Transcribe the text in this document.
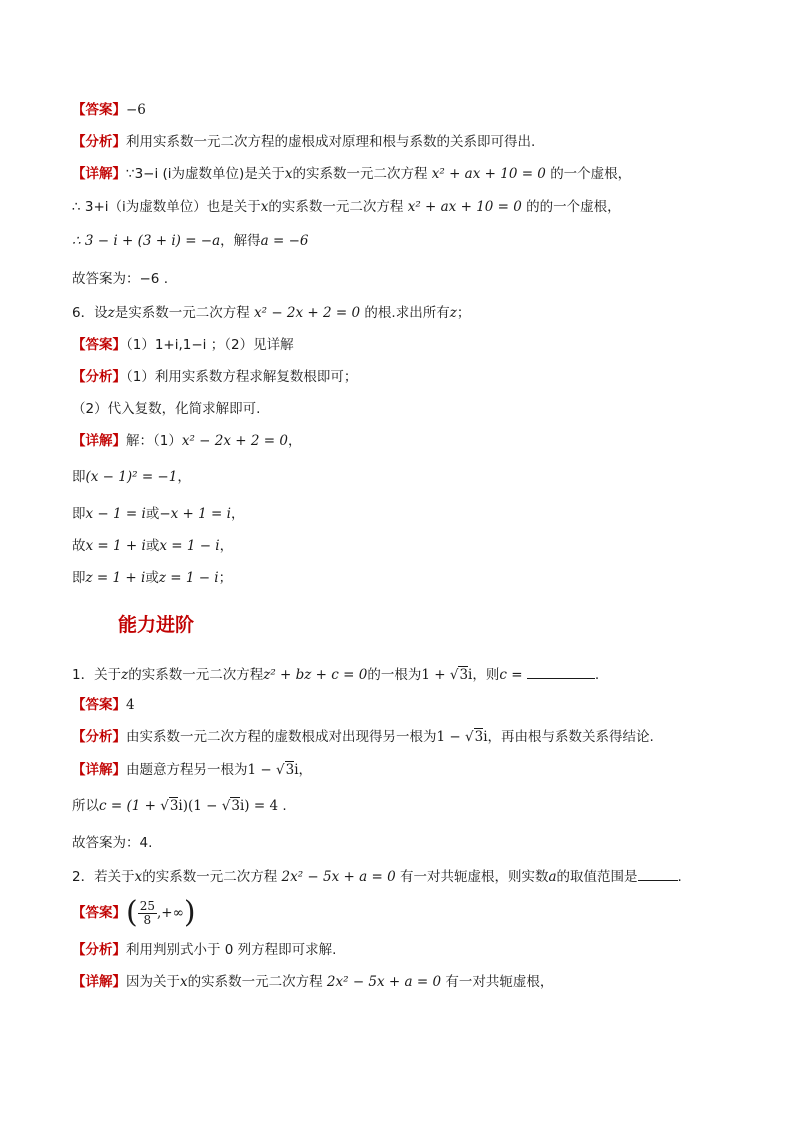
【答案】−6
【分析】利用实系数一元二次方程的虚根成对原理和根与系数的关系即可得出.
【详解】∵3−i (i为虚数单位)是关于x的实系数一元二次方程 x² + ax + 10 = 0 的一个虚根，
∴ 3+i（i为虚数单位）也是关于x的实系数一元二次方程 x² + ax + 10 = 0 的的一个虚根，
∴ 3 − i + (3 + i) = −a，解得a = −6
故答案为：−6 .
6．设z是实系数一元二次方程 x² − 2x + 2 = 0 的根.求出所有z；
【答案】（1）1+i,1−i ；（2）见详解
【分析】（1）利用实系数方程求解复数根即可；
（2）代入复数，化简求解即可.
【详解】解：（1）x² − 2x + 2 = 0，
即(x − 1)² = −1，
即x − 1 = i或−x + 1 = i，
故x = 1 + i或x = 1 − i，
即z = 1 + i或z = 1 − i；
能力进阶
1．关于z的实系数一元二次方程z² + bz + c = 0的一根为1 + √3i，则c =	.
【答案】4
【分析】由实系数一元二次方程的虚数根成对出现得另一根为1 − √3i，再由根与系数关系得结论.
【详解】由题意方程另一根为1 − √3i，
所以c = (1 + √3i)(1 − √3i) = 4 .
故答案为：4.
2．若关于x的实系数一元二次方程 2x² − 5x + a = 0 有一对共轭虚根，则实数a的取值范围是	.
【答案】( $\frac{25}{8}$ ,+∞)
【分析】利用判别式小于 0 列方程即可求解.
【详解】因为关于x的实系数一元二次方程 2x² − 5x + a = 0 有一对共轭虚根，
